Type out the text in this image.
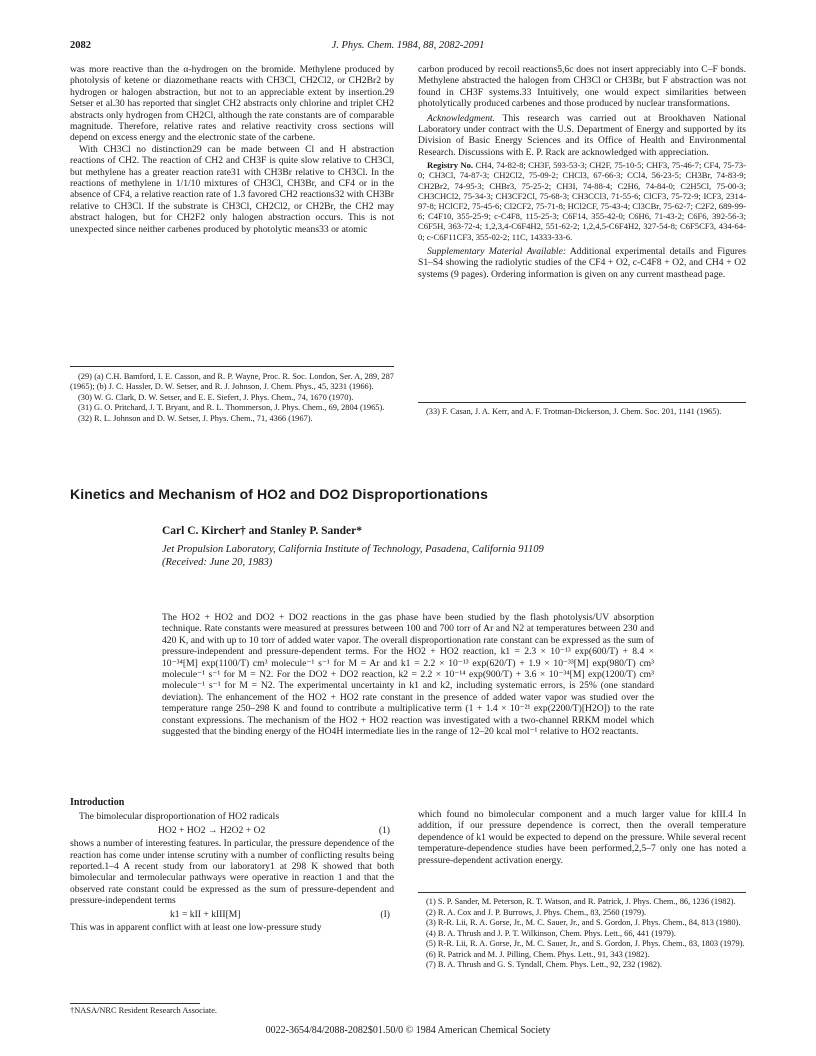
2082	J. Phys. Chem. 1984, 88, 2082-2091

was more reactive than the α-hydrogen on the bromide. Methylene produced by photolysis of ketene or diazomethane reacts with CH3Cl, CH2Cl2, or CH2Br2 by hydrogen or halogen abstraction, but not to an appreciable extent by insertion.29 Setser et al.30 has reported that singlet CH2 abstracts only chlorine and triplet CH2 abstracts only hydrogen from CH2Cl, although the rate constants are of comparable magnitude. Therefore, relative rates and relative reactivity cross sections will depend on excess energy and the electronic state of the carbene.

With CH3Cl no distinction29 can be made between Cl and H abstraction reactions of CH2. The reaction of CH2 and CH3F is quite slow relative to CH3Cl, but methylene has a greater reaction rate31 with CH3Br relative to CH3Cl. In the reactions of methylene in 1/1/10 mixtures of CH3Cl, CH3Br, and CF4 or in the absence of CF4, a relative reaction rate of 1.3 favored CH2 reactions32 with CH3Br relative to CH3Cl. If the substrate is CH3Cl, CH2Cl2, or CH2Br, the CH2 may abstract halogen, but for CH2F2 only halogen abstraction occurs. This is not unexpected since neither carbenes produced by photolytic means33 or atomic

(29) (a) C.H. Bamford, I. E. Casson, and R. P. Wayne, Proc. R. Soc. London, Ser. A, 289, 287 (1965); (b) J. C. Hassler, D. W. Setser, and R. J. Johnson, J. Chem. Phys., 45, 3231 (1966).

(30) W. G. Clark, D. W. Setser, and E. E. Siefert, J. Phys. Chem., 74, 1670 (1970).

(31) G. O. Pritchard, J. T. Bryant, and R. L. Thommerson, J. Phys. Chem., 69, 2804 (1965).

(32) R. L. Johnson and D. W. Setser, J. Phys. Chem., 71, 4366 (1967).

carbon produced by recoil reactions5,6c does not insert appreciably into C–F bonds. Methylene abstracted the halogen from CH3Cl or CH3Br, but F abstraction was not found in CH3F systems.33 Intuitively, one would expect similarities between photolytically produced carbenes and those produced by nuclear transformations.

Acknowledgment. This research was carried out at Brookhaven National Laboratory under contract with the U.S. Department of Energy and supported by its Division of Basic Energy Sciences and its Office of Health and Environmental Research. Discussions with E. P. Rack are acknowledged with appreciation.

Registry No. CH4, 74-82-8; CH3F, 593-53-3; CH2F, 75-10-5; CHF3, 75-46-7; CF4, 75-73-0; CH3Cl, 74-87-3; CH2Cl2, 75-09-2; CHCl3, 67-66-3; CCl4, 56-23-5; CH3Br, 74-83-9; CH2Br2, 74-95-3; CHBr3, 75-25-2; CH3I, 74-88-4; C2H6, 74-84-0; C2H5Cl, 75-00-3; CH3CHCl2, 75-34-3; CH3CF2Cl, 75-68-3; CH3CCl3, 71-55-6; ClCF3, 75-72-9; ICF3, 2314-97-8; HClCF2, 75-45-6; Cl2CF2, 75-71-8; HCl2CF, 75-43-4; Cl3CBr, 75-62-7; C2F2, 689-99-6; C4F10, 355-25-9; c-C4F8, 115-25-3; C6F14, 355-42-0; C6H6, 71-43-2; C6F6, 392-56-3; C6F5H, 363-72-4; 1,2,3,4-C6F4H2, 551-62-2; 1,2,4,5-C6F4H2, 327-54-8; C6F5CF3, 434-64-0; c-C6F11CF3, 355-02-2; 11C, 14333-33-6.

Supplementary Material Available: Additional experimental details and Figures S1–S4 showing the radiolytic studies of the CF4 + O2, c-C4F8 + O2, and CH4 + O2 systems (9 pages). Ordering information is given on any current masthead page.

(33) F. Casan, J. A. Kerr, and A. F. Trotman-Dickerson, J. Chem. Soc. 201, 1141 (1965).

Kinetics and Mechanism of HO2 and DO2 Disproportionations
Carl C. Kircher† and Stanley P. Sander*
Jet Propulsion Laboratory, California Institute of Technology, Pasadena, California 91109
(Received: June 20, 1983)
The HO2 + HO2 and DO2 + DO2 reactions in the gas phase have been studied by the flash photolysis/UV absorption technique. Rate constants were measured at pressures between 100 and 700 torr of Ar and N2 at temperatures between 230 and 420 K, and with up to 10 torr of added water vapor. The overall disproportionation rate constant can be expressed as the sum of pressure-independent and pressure-dependent terms. For the HO2 + HO2 reaction, k1 = 2.3 × 10⁻¹³ exp(600/T) + 8.4 × 10⁻³⁴[M] exp(1100/T) cm³ molecule⁻¹ s⁻¹ for M = Ar and k1 = 2.2 × 10⁻¹³ exp(620/T) + 1.9 × 10⁻³³[M] exp(980/T) cm³ molecule⁻¹ s⁻¹ for M = N2. For the DO2 + DO2 reaction, k2 = 2.2 × 10⁻¹⁴ exp(900/T) + 3.6 × 10⁻³⁴[M] exp(1200/T) cm³ molecule⁻¹ s⁻¹ for M = N2. The experimental uncertainty in k1 and k2, including systematic errors, is 25% (one standard deviation). The enhancement of the HO2 + HO2 rate constant in the presence of added water vapor was studied over the temperature range 250–298 K and found to contribute a multiplicative term (1 + 1.4 × 10⁻²¹ exp(2200/T)[H2O]) to the rate constant expressions. The mechanism of the HO2 + HO2 reaction was investigated with a two-channel RRKM model which suggested that the binding energy of the HO4H intermediate lies in the range of 12–20 kcal mol⁻¹ relative to HO2 reactants.
Introduction

The bimolecular disproportionation of HO2 radicals

HO2 + HO2 → H2O2 + O2	(1)

shows a number of interesting features. In particular, the pressure dependence of the reaction has come under intense scrutiny with a number of conflicting results being reported.1–4 A recent study from our laboratory1 at 298 K showed that both bimolecular and termolecular pathways were operative in reaction 1 and that the observed rate constant could be expressed as the sum of pressure-dependent and pressure-independent terms

k1 = kII + kIII[M]	(I)

This was in apparent conflict with at least one low-pressure study

†NASA/NRC Resident Research Associate.

which found no bimolecular component and a much larger value for kIII.4 In addition, if our pressure dependence is correct, then the overall temperature dependence of k1 would be expected to depend on the pressure. While several recent temperature-dependence studies have been performed,2,5–7 only one has noted a pressure-dependent activation energy.

(1) S. P. Sander, M. Peterson, R. T. Watson, and R. Patrick, J. Phys. Chem., 86, 1236 (1982).

(2) R. A. Cox and J. P. Burrows, J. Phys. Chem., 83, 2560 (1979).

(3) R-R. Lii, R. A. Gorse, Jr., M. C. Sauer, Jr., and S. Gordon, J. Phys. Chem., 84, 813 (1980).

(4) B. A. Thrush and J. P. T. Wilkinson, Chem. Phys. Lett., 66, 441 (1979).

(5) R-R. Lii, R. A. Gorse, Jr., M. C. Sauer, Jr., and S. Gordon, J. Phys. Chem., 83, 1803 (1979).

(6) R. Patrick and M. J. Pilling, Chem. Phys. Lett., 91, 343 (1982).

(7) B. A. Thrush and G. S. Tyndall, Chem. Phys. Lett., 92, 232 (1982).

0022-3654/84/2088-2082$01.50/0 © 1984 American Chemical Society
